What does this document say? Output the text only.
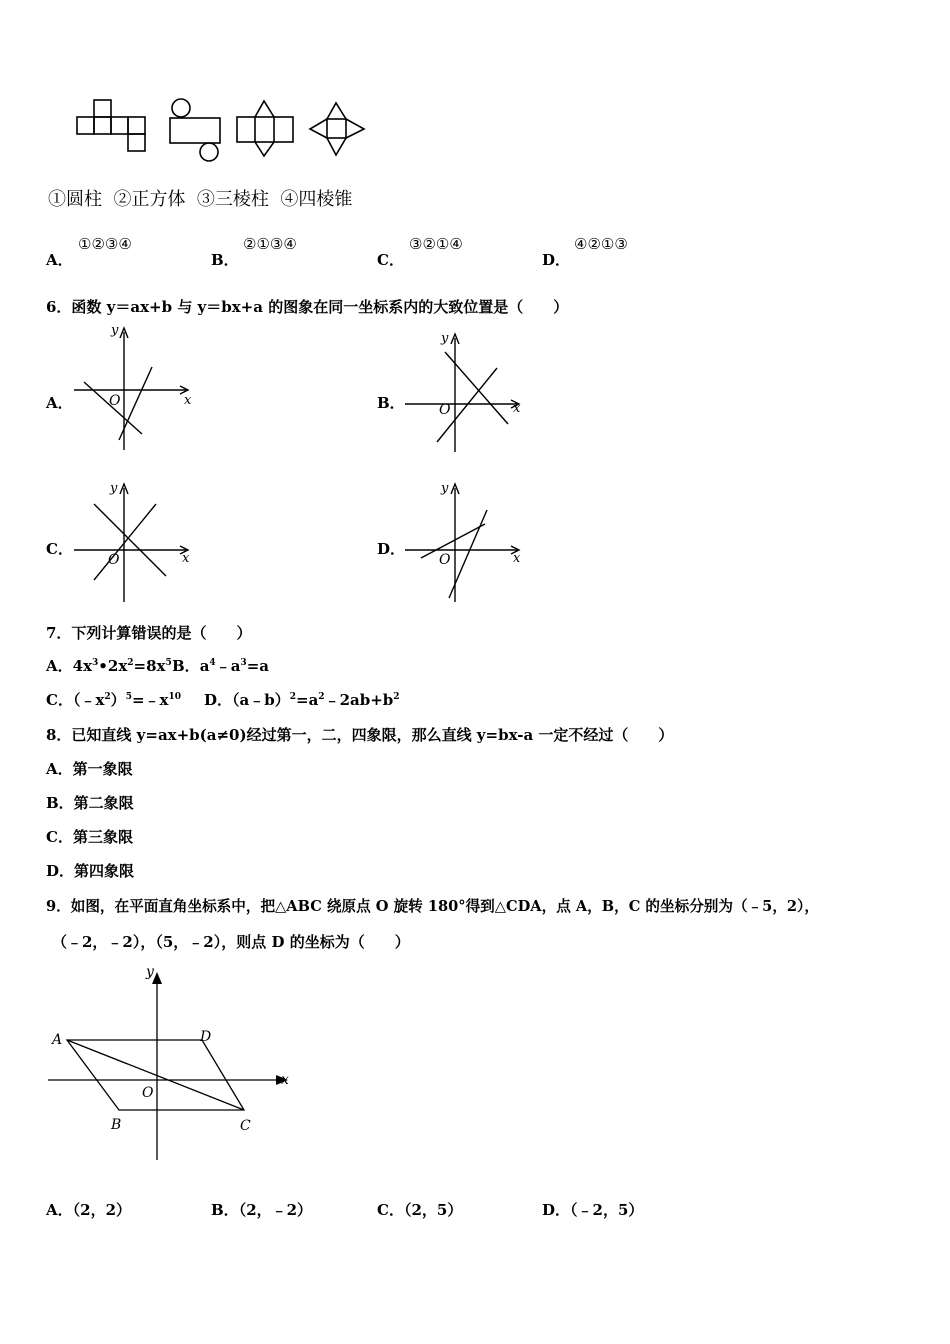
①圆柱  ②正方体  ③三棱柱  ④四棱锥
A．
①②③④
B．
②①③④
C．
③②①④
D．
④②①③
6．函数 y＝ax+b 与 y＝bx+a 的图象在同一坐标系内的大致位置是（　　）
A．
y
x
O	B．
y
x
O
C．
y
x
O
D．
y
x
O
7．下列计算错误的是（　　）
A．$4x^3•2x^2=8x^5$ B．$a^4﹣a^3=a$
C．$(﹣x^2)^5=﹣x^{10}$ D．$(a﹣b)^2=a^2﹣2ab+b^2$
8．已知直线 y=ax+b(a≠0)经过第一，二，四象限，那么直线 y=bx-a 一定不经过（　　）
A．第一象限
B．第二象限
C．第三象限
D．第四象限
9．如图，在平面直角坐标系中，把△ABC 绕原点 O 旋转 180°得到△CDA，点 A，B，C 的坐标分别为（﹣5，2），
（﹣2，﹣2），（5，﹣2），则点 D 的坐标为（　　）
A	D
B	C
O
x
y
A．（2，2）	B．（2，﹣2）	C．（2，5）	D．（﹣2，5）
